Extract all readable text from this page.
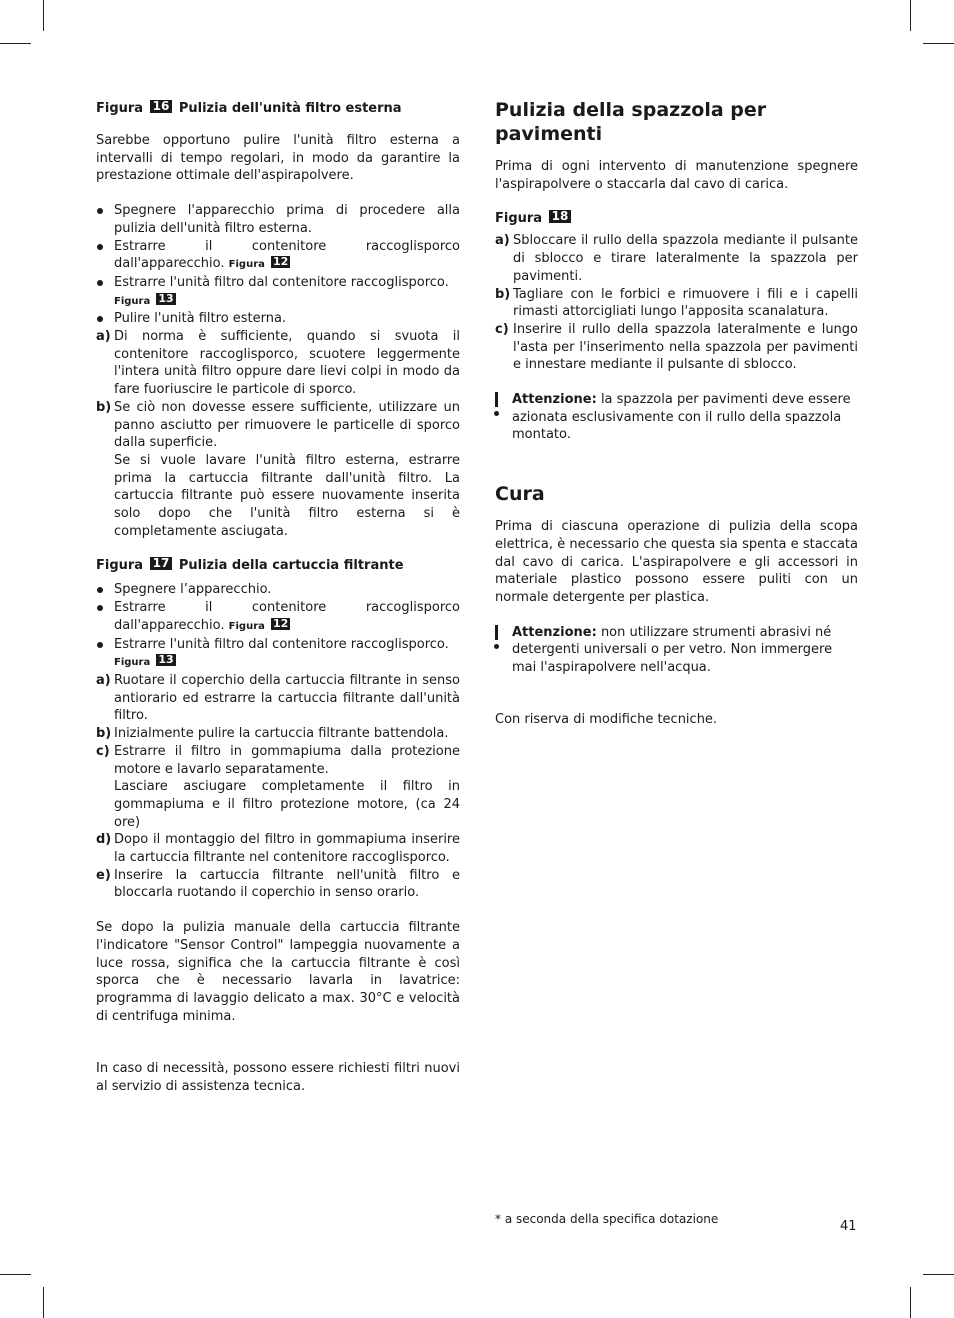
Figura 16 Pulizia dell'unità filtro esterna

Sarebbe opportuno pulire l'unità filtro esterna a intervalli di tempo regolari, in modo da garantire la prestazione ottimale dell'aspirapolvere.

Spegnere l'apparecchio prima di procedere alla pulizia dell'unità filtro esterna.
Estrarre il contenitore raccoglisporco dall'apparecchio. Figura 12
Estrarre l'unità filtro dal contenitore raccoglisporco.
Figura 13
Pulire l'unità filtro esterna.
a) Di norma è sufficiente, quando si svuota il contenitore raccoglisporco, scuotere leggermente l'intera unità filtro oppure dare lievi colpi in modo da fare fuoriuscire le particole di sporco.
b) Se ciò non dovesse essere sufficiente, utilizzare un panno asciutto per rimuovere le particelle di sporco dalla superficie.
Se si vuole lavare l'unità filtro esterna, estrarre prima la cartuccia filtrante dall'unità filtro. La cartuccia filtrante può essere nuovamente inserita solo dopo che l'unità filtro esterna si è completamente asciugata.
Figura 17 Pulizia della cartuccia filtrante
Spegnere l’apparecchio.
Estrarre il contenitore raccoglisporco dall'apparecchio. Figura 12
Estrarre l'unità filtro dal contenitore raccoglisporco.
Figura 13
a) Ruotare il coperchio della cartuccia filtrante in senso antiorario ed estrarre la cartuccia filtrante dall'unità filtro.
b) Inizialmente pulire la cartuccia filtrante battendola.
c) Estrarre il filtro in gommapiuma dalla protezione motore e lavarlo separatamente.
Lasciare asciugare completamente il filtro in gommapiuma e il filtro protezione motore, (ca 24 ore)
d) Dopo il montaggio del filtro in gommapiuma inserire la cartuccia filtrante nel contenitore raccoglisporco.
e) Inserire la cartuccia filtrante nell'unità filtro e bloccarla ruotando il coperchio in senso orario.

Se dopo la pulizia manuale della cartuccia filtrante l'indicatore "Sensor Control" lampeggia nuovamente a luce rossa, significa che la cartuccia filtrante è così sporca che è necessario lavarla in lavatrice: programma di lavaggio delicato a max. 30°C e velocità di centrifuga minima.

In caso di necessità, possono essere richiesti filtri nuovi al servizio di assistenza tecnica.

Pulizia della spazzola per pavimenti

Prima di ogni intervento di manutenzione spegnere l'aspirapolvere o staccarla dal cavo di carica.

Figura 18
a) Sbloccare il rullo della spazzola mediante il pulsante di sblocco e tirare lateralmente la spazzola per pavimenti.
b) Tagliare con le forbici e rimuovere i fili e i capelli rimasti attorcigliati lungo l'apposita scanalatura.
c) Inserire il rullo della spazzola lateralmente e lungo l'asta per l'inserimento nella spazzola per pavimenti e innestare mediante il pulsante di sblocco.
Attenzione: la spazzola per pavimenti deve essere azionata esclusivamente con il rullo della spazzola montato.
Cura

Prima di ciascuna operazione di pulizia della scopa elettrica, è necessario che questa sia spenta e staccata dal cavo di carica. L'aspirapolvere e gli accessori in materiale plastico possono essere puliti con un normale detergente per plastica.

Attenzione: non utilizzare strumenti abrasivi né detergenti universali o per vetro. Non immergere mai l'aspirapolvere nell'acqua.

Con riserva di modifiche tecniche.

* a seconda della specifica dotazione	41
